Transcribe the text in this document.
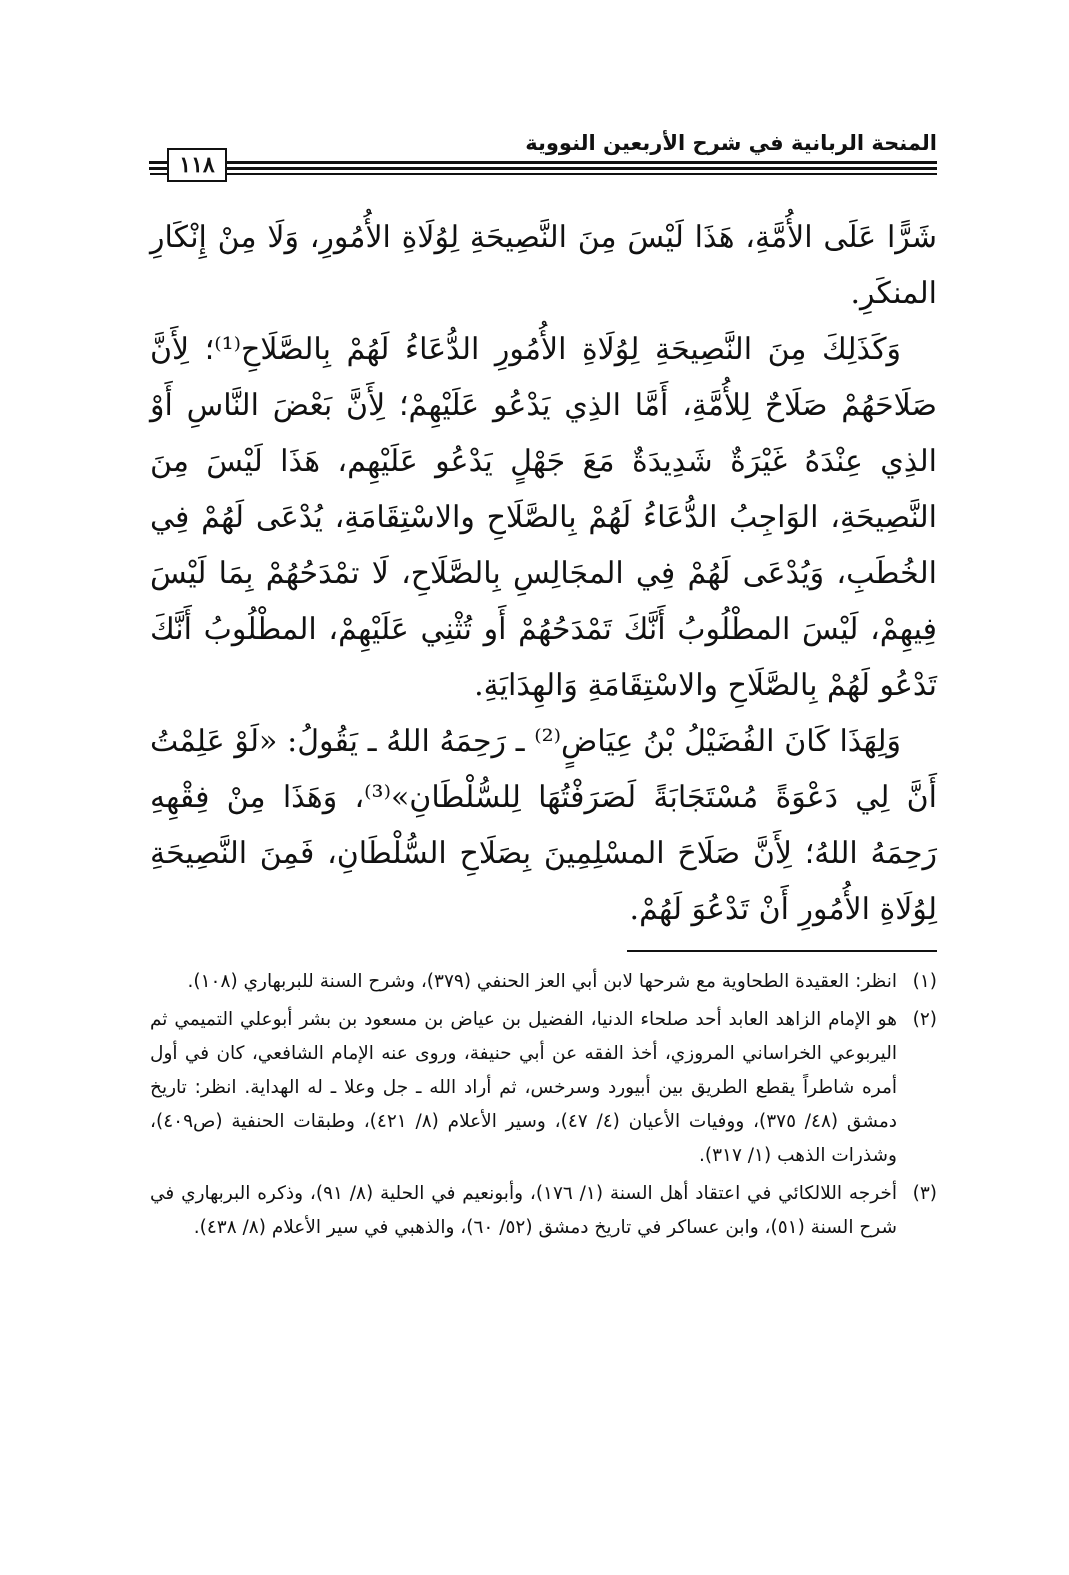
المنحة الربانية في شرح الأربعين النووية
١١٨

شَرًّا عَلَى الأُمَّةِ، هَذَا لَيْسَ مِنَ النَّصِيحَةِ لِوُلَاةِ الأُمُورِ، وَلَا مِنْ إِنْكَارِ المنكَرِ.

وَكَذَلِكَ مِنَ النَّصِيحَةِ لِوُلَاةِ الأُمُورِ الدُّعَاءُ لَهُمْ بِالصَّلَاحِ⁽¹⁾؛ لِأَنَّ صَلَاحَهُمْ صَلَاحٌ لِلأُمَّةِ، أَمَّا الذِي يَدْعُو عَلَيْهِمْ؛ لِأَنَّ بَعْضَ النَّاسِ أَوْ الذِي عِنْدَهُ غَيْرَةٌ شَدِيدَةٌ مَعَ جَهْلٍ يَدْعُو عَلَيْهِم، هَذَا لَيْسَ مِنَ النَّصِيحَةِ، الوَاجِبُ الدُّعَاءُ لَهُمْ بِالصَّلَاحِ والاسْتِقَامَةِ، يُدْعَى لَهُمْ فِي الخُطَبِ، وَيُدْعَى لَهُمْ فِي المجَالِسِ بِالصَّلَاحِ، لَا تمْدَحُهُمْ بِمَا لَيْسَ فِيهِمْ، لَيْسَ المطْلُوبُ أَنَّكَ تَمْدَحُهُمْ أَو تُثْنِي عَلَيْهِمْ، المطْلُوبُ أَنَّكَ تَدْعُو لَهُمْ بِالصَّلَاحِ والاسْتِقَامَةِ وَالهِدَايَةِ.

وَلِهَذَا كَانَ الفُضَيْلُ بْنُ عِيَاضٍ⁽²⁾ ـ رَحِمَهُ اللهُ ـ يَقُولُ: «لَوْ عَلِمْتُ أَنَّ لِي دَعْوَةً مُسْتَجَابَةً لَصَرَفْتُهَا لِلسُّلْطَانِ»⁽³⁾، وَهَذَا مِنْ فِقْهِهِ رَحِمَهُ اللهُ؛ لِأَنَّ صَلَاحَ المسْلِمِينَ بِصَلَاحِ السُّلْطَانِ، فَمِنَ النَّصِيحَةِ لِوُلَاةِ الأُمُورِ أَنْ تَدْعُوَ لَهُمْ.

(١)
انظر: العقيدة الطحاوية مع شرحها لابن أبي العز الحنفي (٣٧٩)، وشرح السنة للبربهاري (١٠٨).
(٢)
هو الإمام الزاهد العابد أحد صلحاء الدنيا، الفضيل بن عياض بن مسعود بن بشر أبوعلي التميمي ثم اليربوعي الخراساني المروزي، أخذ الفقه عن أبي حنيفة، وروى عنه الإمام الشافعي، كان في أول أمره شاطراً يقطع الطريق بين أبيورد وسرخس، ثم أراد الله ـ جل وعلا ـ له الهداية. انظر: تاريخ دمشق (٤٨/ ٣٧٥)، ووفيات الأعيان (٤/ ٤٧)، وسير الأعلام (٨/ ٤٢١)، وطبقات الحنفية (ص٤٠٩)، وشذرات الذهب (١/ ٣١٧).
(٣)
أخرجه اللالكائي في اعتقاد أهل السنة (١/ ١٧٦)، وأبونعيم في الحلية (٨/ ٩١)، وذكره البربهاري في شرح السنة (٥١)، وابن عساكر في تاريخ دمشق (٥٢/ ٦٠)، والذهبي في سير الأعلام (٨/ ٤٣٨).
